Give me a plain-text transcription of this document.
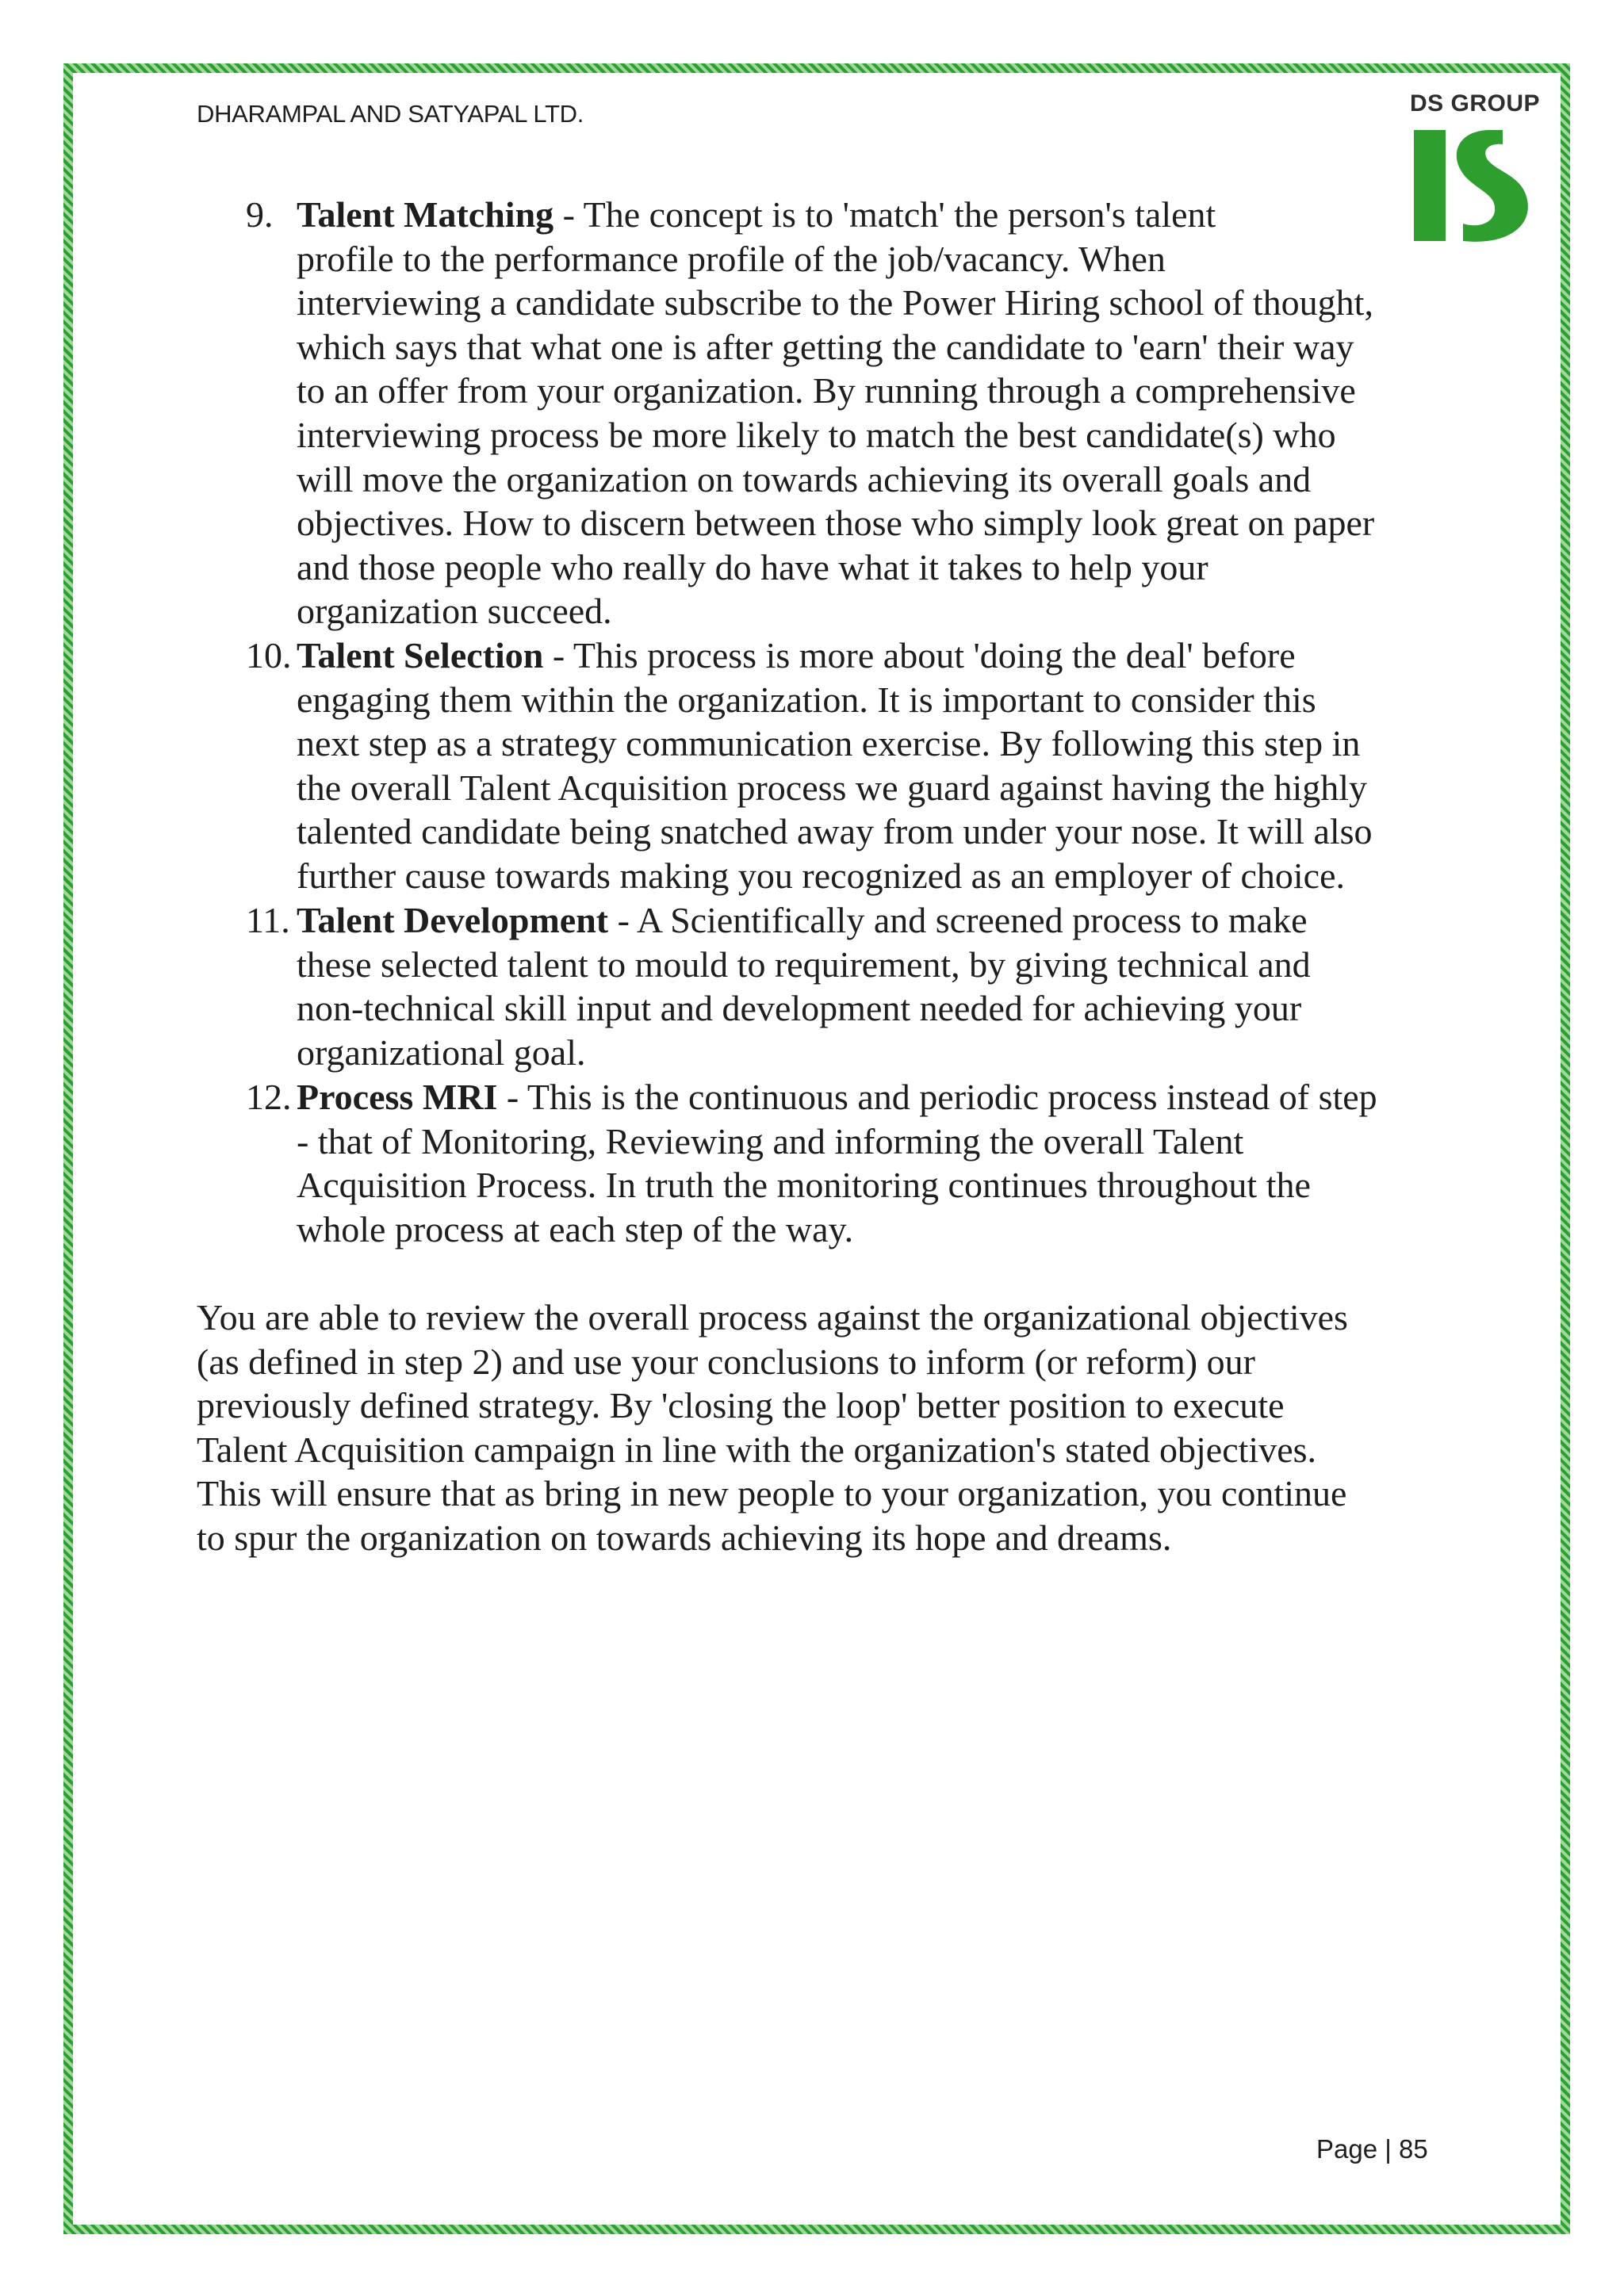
DHARAMPAL AND SATYAPAL LTD.	DS GROUP
9. Talent Matching - The concept is to 'match' the person's talent
profile to the performance profile of the job/vacancy. When
interviewing a candidate subscribe to the Power Hiring school of thought,
which says that what one is after getting the candidate to 'earn' their way
to an offer from your organization. By running through a comprehensive
interviewing process be more likely to match the best candidate(s) who
will move the organization on towards achieving its overall goals and
objectives. How to discern between those who simply look great on paper
and those people who really do have what it takes to help your
organization succeed.
10. Talent Selection - This process is more about 'doing the deal' before
engaging them within the organization. It is important to consider this
next step as a strategy communication exercise. By following this step in
the overall Talent Acquisition process we guard against having the highly
talented candidate being snatched away from under your nose. It will also
further cause towards making you recognized as an employer of choice.
11. Talent Development - A Scientifically and screened process to make
these selected talent to mould to requirement, by giving technical and
non-technical skill input and development needed for achieving your
organizational goal.
12. Process MRI - This is the continuous and periodic process instead of step
- that of Monitoring, Reviewing and informing the overall Talent
Acquisition Process. In truth the monitoring continues throughout the
whole process at each step of the way.
You are able to review the overall process against the organizational objectives
(as defined in step 2) and use your conclusions to inform (or reform) our
previously defined strategy. By 'closing the loop' better position to execute
Talent Acquisition campaign in line with the organization's stated objectives.
This will ensure that as bring in new people to your organization, you continue
to spur the organization on towards achieving its hope and dreams.
Page | 85
